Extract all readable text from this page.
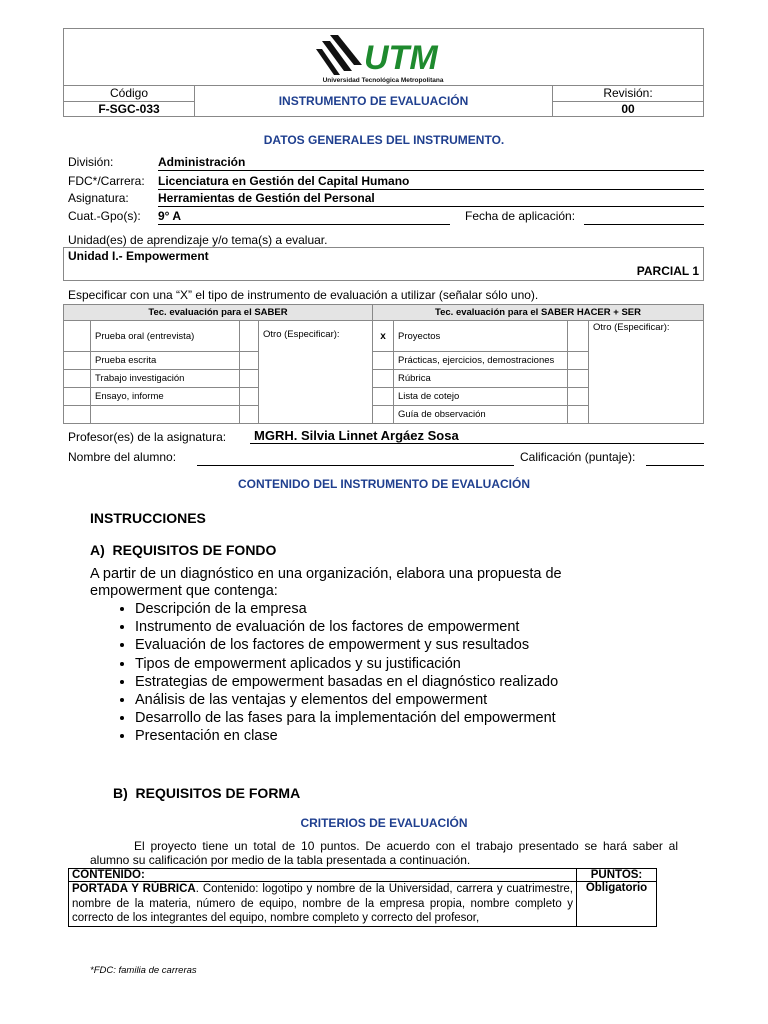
UTM
Universidad Tecnológica Metropolitana
Código
F-SGC-033
INSTRUMENTO DE EVALUACIÓN
Revisión:
00
DATOS GENERALES DEL INSTRUMENTO.
División:	Administración
FDC*/Carrera: Licenciatura en Gestión del Capital Humano
Asignatura: Herramientas de Gestión del Personal
Cuat.-Gpo(s): 9° A	Fecha de aplicación:
Unidad(es) de aprendizaje y/o tema(s) a evaluar.
Unidad I.- Empowerment
PARCIAL 1
Especificar con una “X” el tipo de instrumento de evaluación a utilizar (señalar sólo uno).
Tec. evaluación para el SABER				Tec. evaluación para el SABER HACER + SER			
	Prueba oral (entrevista)		Otro (Especificar):	x	Proyectos		Otro (Especificar):
	Prueba escrita				Prácticas, ejercicios, demostraciones		
	Trabajo investigación				Rúbrica		
	Ensayo, informe				Lista de cotejo		
					Guía de observación		
Profesor(es) de la asignatura:	MGRH. Silvia Linnet Argáez Sosa
Nombre del alumno:	Calificación (puntaje):
CONTENIDO DEL INSTRUMENTO DE EVALUACIÓN
INSTRUCCIONES
A)  REQUISITOS DE FONDO
A partir de un diagnóstico en una organización, elabora una propuesta de empowerment que contenga:
• Descripción de la empresa
• Instrumento de evaluación de los factores de empowerment
• Evaluación de los factores de empowerment y sus resultados
• Tipos de empowerment aplicados y su justificación
• Estrategias de empowerment basadas en el diagnóstico realizado
• Análisis de las ventajas y elementos del empowerment
• Desarrollo de las fases para la implementación del empowerment
• Presentación en clase
B)  REQUISITOS DE FORMA
CRITERIOS DE EVALUACIÓN
El proyecto tiene un total de 10 puntos. De acuerdo con el trabajo presentado se hará saber al alumno su calificación por medio de la tabla presentada a continuación.
CONTENIDO:	PUNTOS:
PORTADA Y RÚBRICA. Contenido: logotipo y nombre de la Universidad, carrera y cuatrimestre, nombre de la materia, número de equipo, nombre de la empresa propia, nombre completo y correcto de los integrantes del equipo, nombre completo y correcto del profesor,	Obligatorio
*FDC: familia de carreras
